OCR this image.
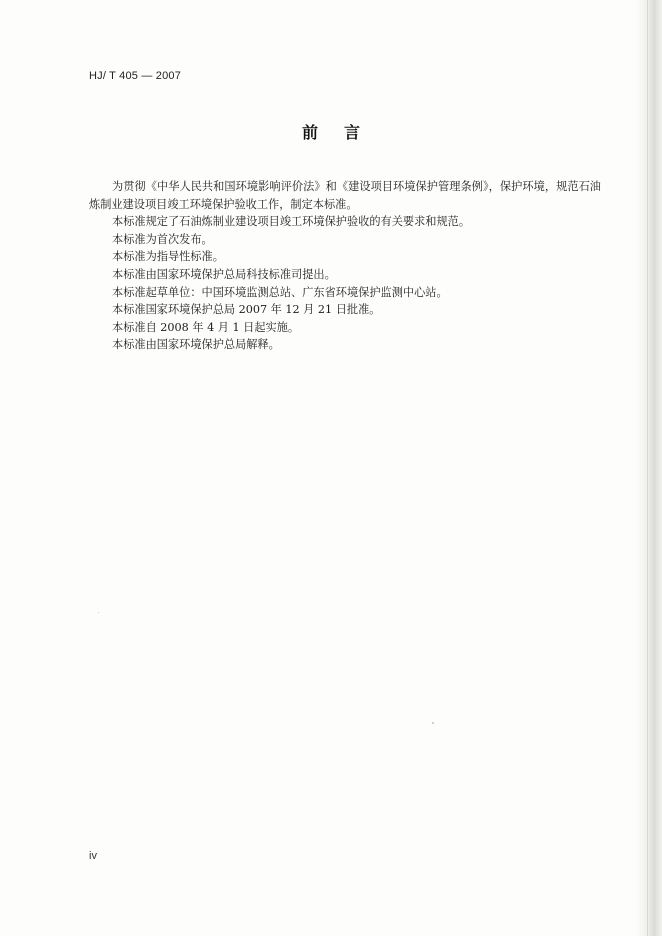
HJ/ T 405 — 2007
前言

为贯彻《中华人民共和国环境影响评价法》和《建设项目环境保护管理条例》，保护环境，规范石油炼制业建设项目竣工环境保护验收工作，制定本标准。

本标准规定了石油炼制业建设项目竣工环境保护验收的有关要求和规范。

本标准为首次发布。

本标准为指导性标准。

本标准由国家环境保护总局科技标准司提出。

本标准起草单位：中国环境监测总站、广东省环境保护监测中心站。

本标准国家环境保护总局 2007 年 12 月 21 日批准。

本标准自 2008 年 4 月 1 日起实施。

本标准由国家环境保护总局解释。

iv
